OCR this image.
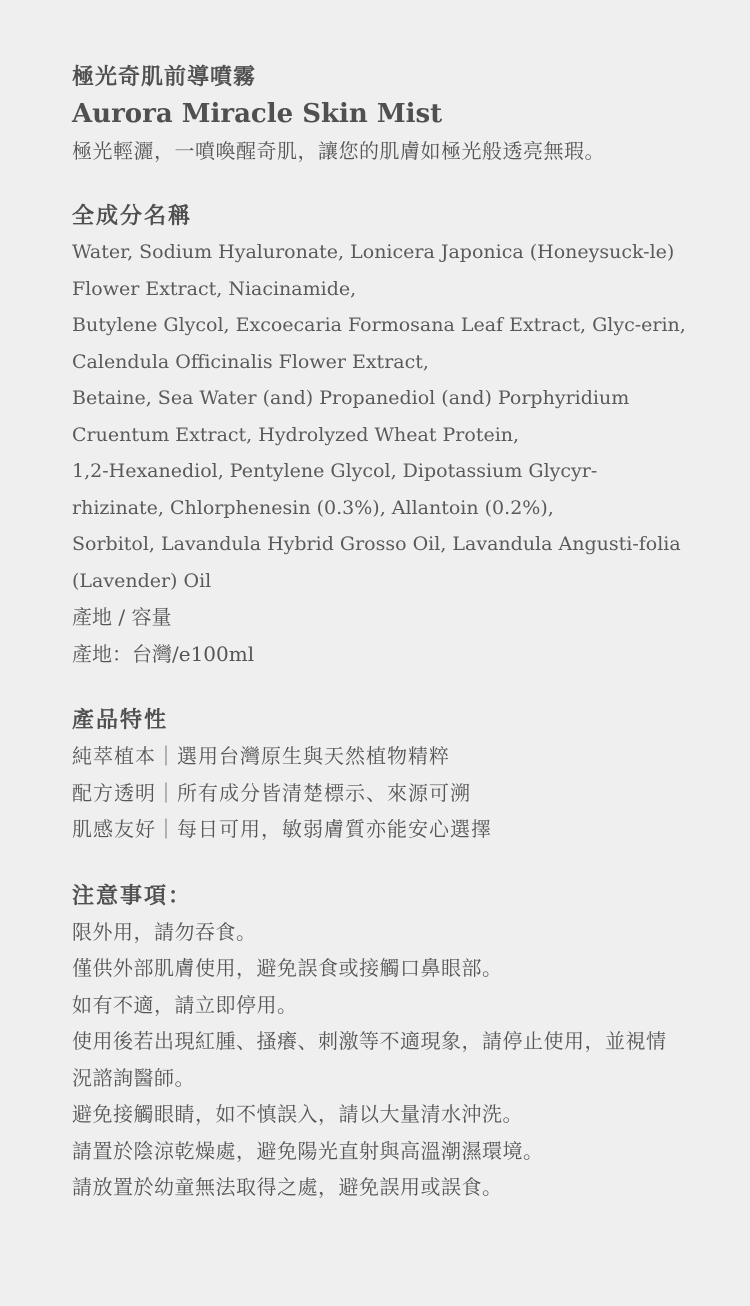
極光奇肌前導噴霧
Aurora Miracle Skin Mist
極光輕灑，一噴喚醒奇肌，讓您的肌膚如極光般透亮無瑕。
全成分名稱

Water, Sodium Hyaluronate, Lonicera Japonica (Honeysuck-le) Flower Extract, Niacinamide,

Butylene Glycol, Excoecaria Formosana Leaf Extract, Glyc-erin, Calendula Officinalis Flower Extract,

Betaine, Sea Water (and) Propanediol (and) Porphyridium Cruentum Extract, Hydrolyzed Wheat Protein,

1,2-Hexanediol, Pentylene Glycol, Dipotassium Glycyr-rhizinate, Chlorphenesin (0.3%), Allantoin (0.2%),

Sorbitol, Lavandula Hybrid Grosso Oil, Lavandula Angusti-folia (Lavender) Oil

產地 / 容量

產地：台灣/e100ml

產品特性

純萃植本｜選用台灣原生與天然植物精粹

配方透明｜所有成分皆清楚標示、來源可溯

肌感友好｜每日可用，敏弱膚質亦能安心選擇

注意事項：

限外用，請勿吞食。

僅供外部肌膚使用，避免誤食或接觸口鼻眼部。

如有不適，請立即停用。

使用後若出現紅腫、搔癢、刺激等不適現象，請停止使用，並視情況諮詢醫師。

避免接觸眼睛，如不慎誤入，請以大量清水沖洗。

請置於陰涼乾燥處，避免陽光直射與高溫潮濕環境。

請放置於幼童無法取得之處，避免誤用或誤食。
